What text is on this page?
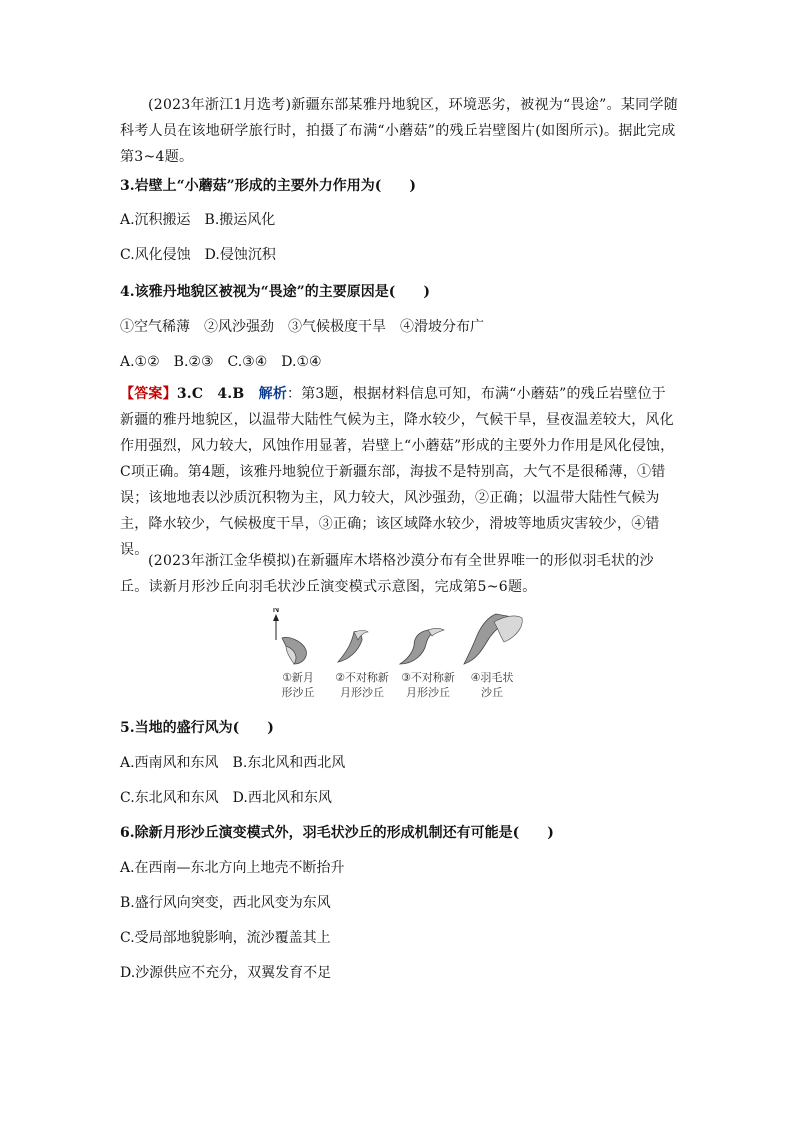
(2023年浙江1月选考)新疆东部某雅丹地貌区，环境恶劣，被视为“畏途”。某同学随科考人员在该地研学旅行时，拍摄了布满“小蘑菇”的残丘岩壁图片(如图所示)。据此完成第3~4题。

3.岩壁上“小蘑菇”形成的主要外力作用为(　　)

A.沉积搬运　B.搬运风化

C.风化侵蚀　D.侵蚀沉积

4.该雅丹地貌区被视为“畏途”的主要原因是(　　)

①空气稀薄　②风沙强劲　③气候极度干旱　④滑坡分布广

A.①②　B.②③　C.③④　D.①④

【答案】3.C　4.B　解析：第3题，根据材料信息可知，布满“小蘑菇”的残丘岩壁位于新疆的雅丹地貌区，以温带大陆性气候为主，降水较少，气候干旱，昼夜温差较大，风化作用强烈，风力较大，风蚀作用显著，岩壁上“小蘑菇”形成的主要外力作用是风化侵蚀，C项正确。第4题，该雅丹地貌位于新疆东部，海拔不是特别高，大气不是很稀薄，①错误；该地地表以沙质沉积物为主，风力较大，风沙强劲，②正确；以温带大陆性气候为主，降水较少，气候极度干旱，③正确；该区域降水较少，滑坡等地质灾害较少，④错误。

(2023年浙江金华模拟)在新疆库木塔格沙漠分布有全世界唯一的形似羽毛状的沙丘。读新月形沙丘向羽毛状沙丘演变模式示意图，完成第5~6题。

N
①新月
形沙丘
②不对称新
月形沙丘
③不对称新
月形沙丘
④羽毛状
沙丘

5.当地的盛行风为(　　)

A.西南风和东风　B.东北风和西北风

C.东北风和东风　D.西北风和东风

6.除新月形沙丘演变模式外，羽毛状沙丘的形成机制还有可能是(　　)

A.在西南—东北方向上地壳不断抬升

B.盛行风向突变，西北风变为东风

C.受局部地貌影响，流沙覆盖其上

D.沙源供应不充分，双翼发育不足
